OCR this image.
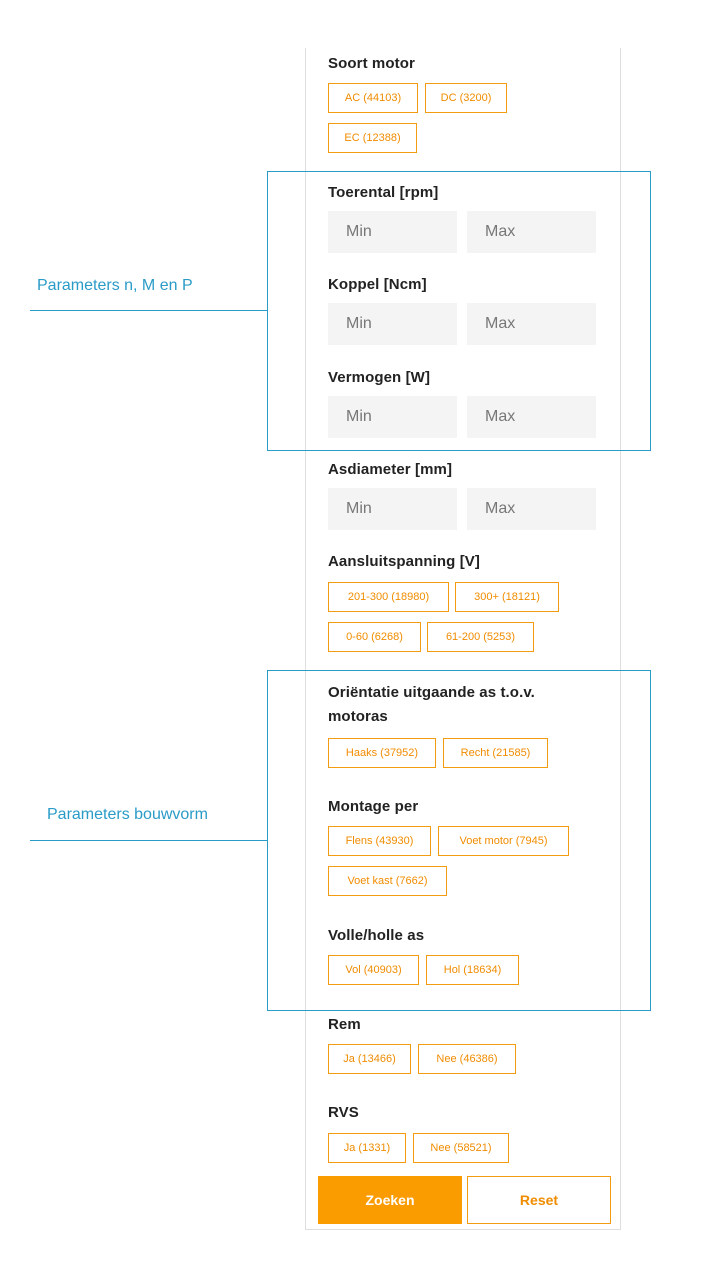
Soort motor
AC (44103)	DC (3200)
EC (12388)
Toerental [rpm]
Min
Max
Koppel [Ncm]
Min
Max
Vermogen [W]
Min
Max
Asdiameter [mm]
Min
Max
Aansluitspanning [V]
201-300 (18980)	300+ (18121)
0-60 (6268)	61-200 (5253)
Oriëntatie uitgaande as t.o.v.
motoras
Haaks (37952)	Recht (21585)
Montage per
Flens (43930)	Voet motor (7945)
Voet kast (7662)
Volle/holle as
Vol (40903)	Hol (18634)
Rem
Ja (13466)	Nee (46386)
RVS
Ja (1331)	Nee (58521)
Zoeken	Reset
Parameters n, M en P
Parameters bouwvorm
